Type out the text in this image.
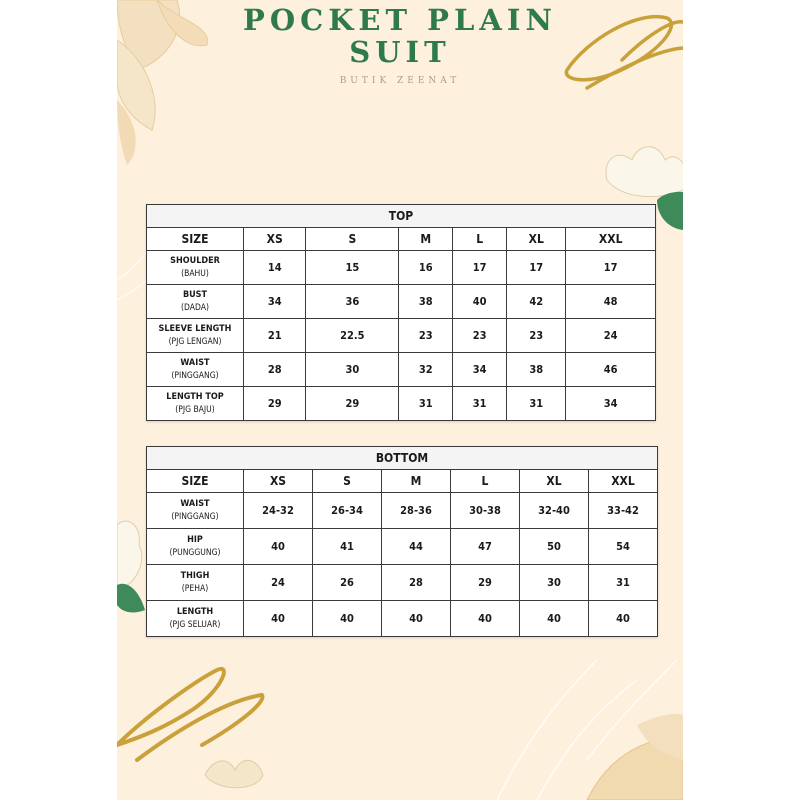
POCKET PLAIN
SUIT
BUTIK ZEENAT
TOP						
SIZE	XS	S	M	L	XL	XXL

SHOULDER
(BAHU)	14	15	16	17	17	17

BUST
(DADA)	34	36	38	40	42	48

SLEEVE LENGTH
(PJG LENGAN)	21	22.5	23	23	23	24

WAIST
(PINGGANG)	28	30	32	34	38	46

LENGTH TOP
(PJG BAJU)	29	29	31	31	31	34
BOTTOM						
SIZE	XS	S	M	L	XL	XXL

WAIST
(PINGGANG)	24-32	26-34	28-36	30-38	32-40	33-42

HIP
(PUNGGUNG)	40	41	44	47	50	54

THIGH
(PEHA)	24	26	28	29	30	31

LENGTH
(PJG SELUAR)	40	40	40	40	40	40
